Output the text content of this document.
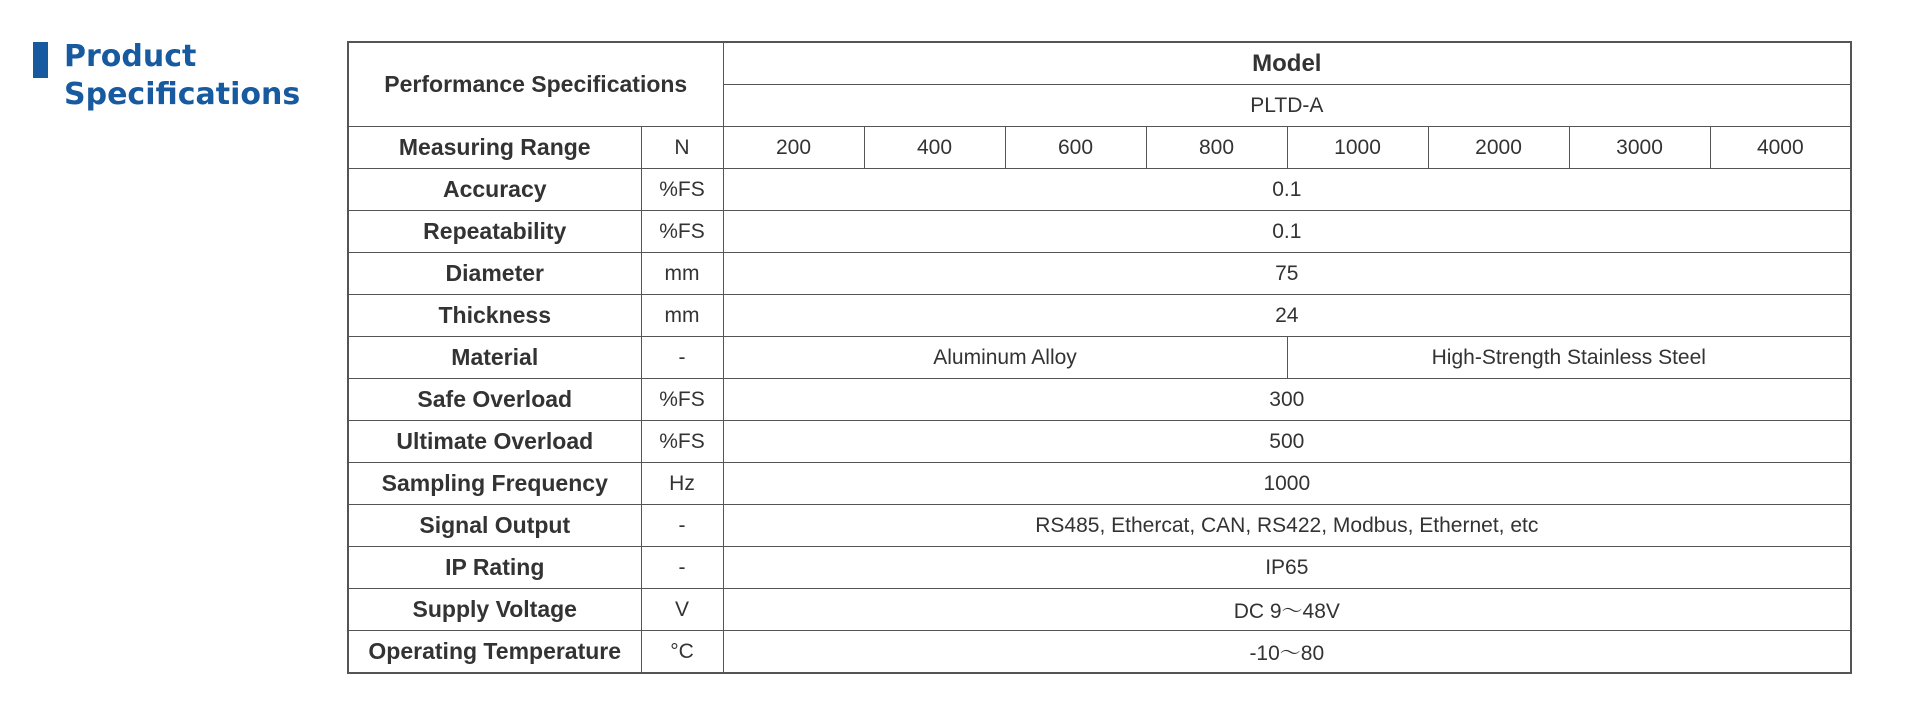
Product
Specifications	Performance Specifications		Model							
		PLTD-A							
Measuring Range	N	200	400	600	800	1000	2000	3000	4000
Accuracy	%FS	0.1							
Repeatability	%FS	0.1							
Diameter	mm	75							
Thickness	mm	24							
Material	-	Aluminum Alloy				High-Strength Stainless Steel			
Safe Overload	%FS	300							
Ultimate Overload	%FS	500							
Sampling Frequency	Hz	1000							
Signal Output	-	RS485, Ethercat, CAN, RS422, Modbus, Ethernet, etc							
IP Rating	-	IP65							
Supply Voltage	V	DC 9～48V							
Operating Temperature	°C	-10～80							
